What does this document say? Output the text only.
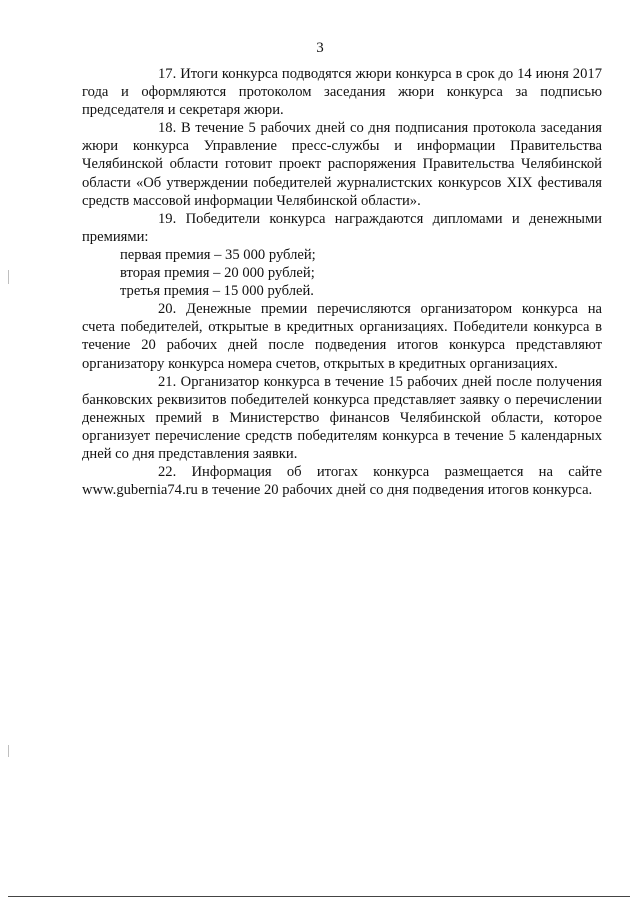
3

17. Итоги конкурса подводятся жюри конкурса в срок до 14 июня 2017 года и оформляются протоколом заседания жюри конкурса за подписью председателя и секретаря жюри.

18. В течение 5 рабочих дней со дня подписания протокола заседания жюри конкурса Управление пресс-службы и информации Правительства Челябинской области готовит проект распоряжения Правительства Челябинской области «Об утверждении победителей журналистских конкурсов XIX фестиваля средств массовой информации Челябинской области».

19. Победители конкурса награждаются дипломами и денежными премиями:

первая премия – 35 000 рублей;

вторая премия – 20 000 рублей;

третья премия – 15 000 рублей.

20. Денежные премии перечисляются организатором конкурса на счета победителей, открытые в кредитных организациях. Победители конкурса в течение 20 рабочих дней после подведения итогов конкурса представляют организатору конкурса номера счетов, открытых в кредитных организациях.

21. Организатор конкурса в течение 15 рабочих дней после получения банковских реквизитов победителей конкурса представляет заявку о перечислении денежных премий в Министерство финансов Челябинской области, которое организует перечисление средств победителям конкурса в течение 5 календарных дней со дня представления заявки.

22. Информация об итогах конкурса размещается на сайте www.gubernia74.ru в течение 20 рабочих дней со дня подведения итогов конкурса.
